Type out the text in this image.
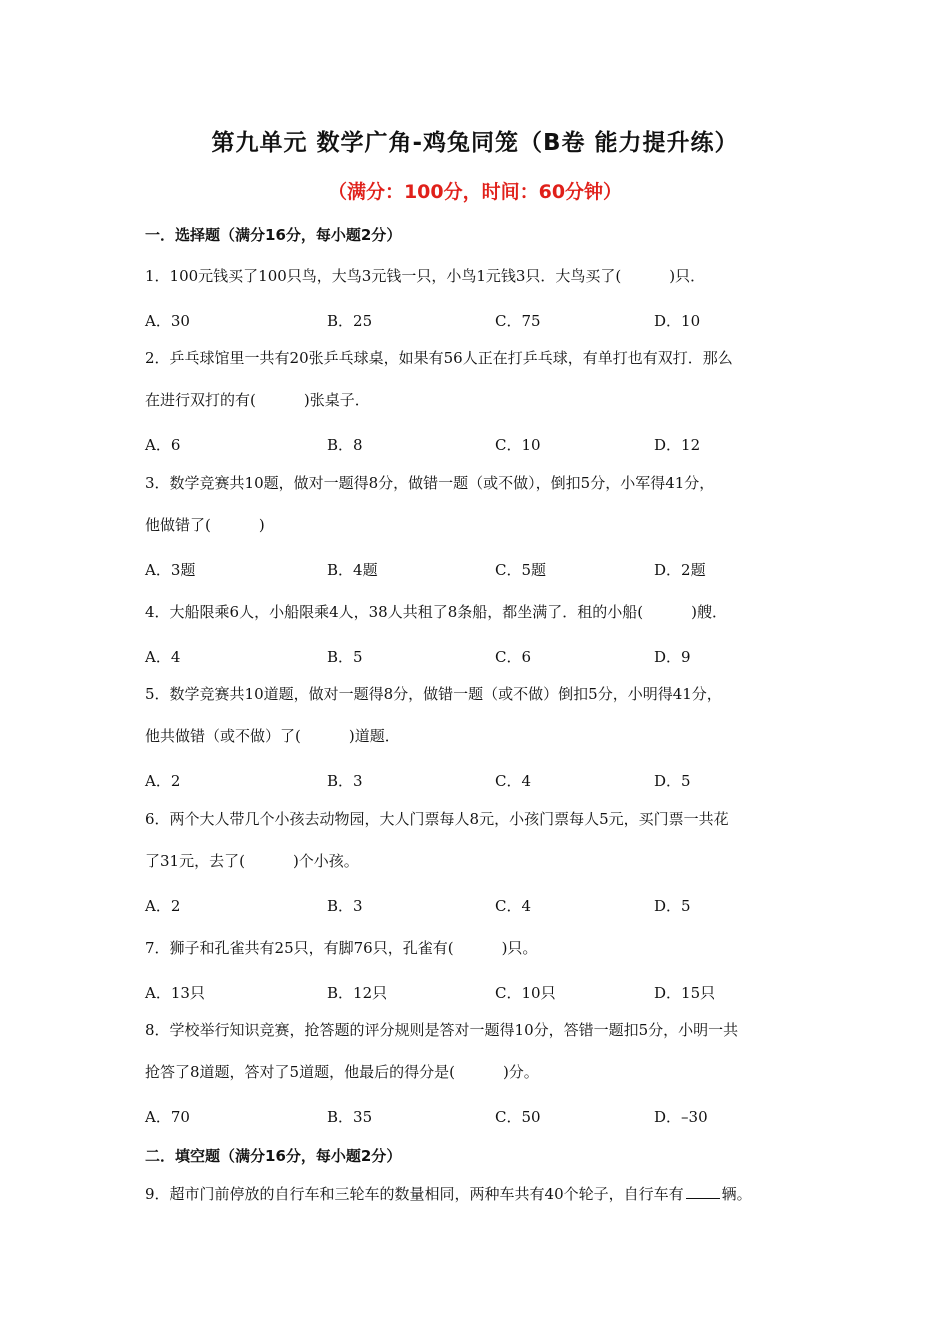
第九单元 数学广角-鸡兔同笼（B卷 能力提升练）
（满分：100分，时间：60分钟）
一．选择题（满分16分，每小题2分）
1．100元钱买了100只鸟，大鸟3元钱一只，小鸟1元钱3只．大鸟买了(	)只．
A．30	B．25	C．75	D．10
2．乒乓球馆里一共有20张乒乓球桌，如果有56人正在打乒乓球，有单打也有双打．那么
在进行双打的有(	)张桌子．
A．6	B．8	C．10	D．12
3．数学竞赛共10题，做对一题得8分，做错一题（或不做），倒扣5分，小军得41分，
他做错了(	)
A．3题	B．4题	C．5题	D．2题
4．大船限乘6人，小船限乘4人，38人共租了8条船，都坐满了．租的小船(	)艘．
A．4	B．5	C．6	D．9
5．数学竞赛共10道题，做对一题得8分，做错一题（或不做）倒扣5分，小明得41分，
他共做错（或不做）了(	)道题．
A．2	B．3	C．4	D．5
6．两个大人带几个小孩去动物园，大人门票每人8元，小孩门票每人5元，买门票一共花
了31元，去了(	)个小孩。
A．2	B．3	C．4	D．5
7．狮子和孔雀共有25只，有脚76只，孔雀有(	)只。
A．13只	B．12只	C．10只	D．15只
8．学校举行知识竞赛，抢答题的评分规则是答对一题得10分，答错一题扣5分，小明一共
抢答了8道题，答对了5道题，他最后的得分是(	)分。
A．70	B．35	C．50	D．–30
二．填空题（满分16分，每小题2分）
9．超市门前停放的自行车和三轮车的数量相同，两种车共有40个轮子，自行车有	辆。
